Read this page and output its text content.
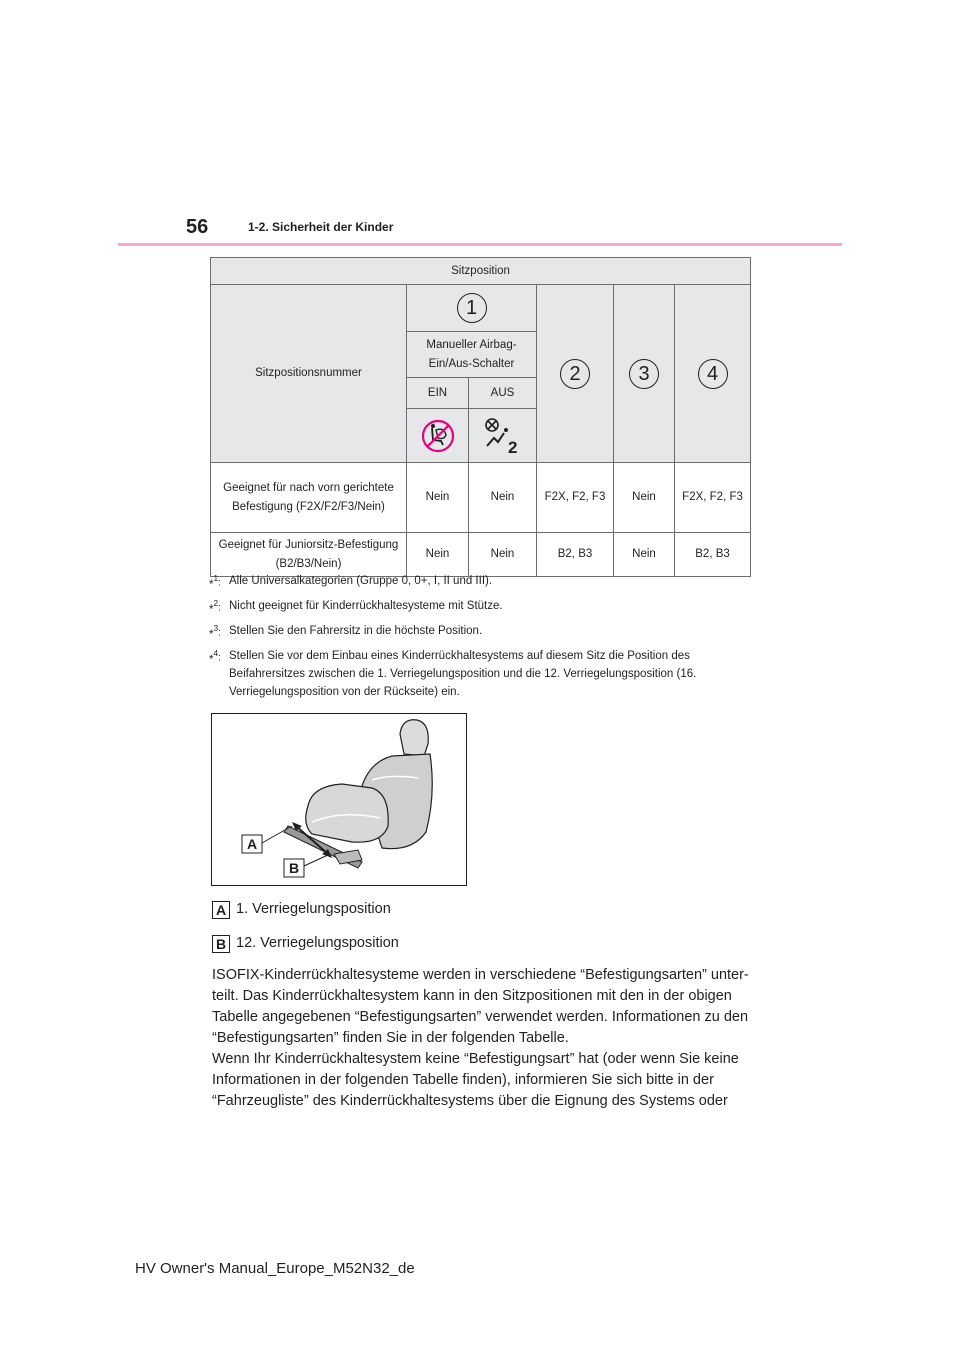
56	1-2. Sicherheit der Kinder
Sitzposition					
Sitzpositionsnummer	1		2	3	4
	Manueller Airbag-Ein/Aus-Schalter				
	EIN	AUS			

2			

Geeignet für nach vorn gerichtete Befestigung (F2X/F2/F3/Nein)	Nein	Nein	F2X, F2, F3	Nein	F2X, F2, F3
Geeignet für Juniorsitz-Befestigung (B2/B3/Nein)	Nein	Nein	B2, B3	Nein	B2, B3
*$^1$: Alle Universalkategorien (Gruppe 0, 0+, I, II und III).
*$^2$: Nicht geeignet für Kinderrückhaltesysteme mit Stütze.
*$^3$: Stellen Sie den Fahrersitz in die höchste Position.
*$^4$: Stellen Sie vor dem Einbau eines Kinderrückhaltesystems auf diesem Sitz die Position des Beifahrersitzes zwischen die 1. Verriegelungsposition und die 12. Verriegelungsposition (16. Verriegelungsposition von der Rückseite) ein.
A
B
A 1. Verriegelungsposition
B 12. Verriegelungsposition

ISOFIX-Kinderrückhaltesysteme werden in verschiedene “Befestigungsarten” unter-teilt. Das Kinderrückhaltesystem kann in den Sitzpositionen mit den in der obigen Tabelle angegebenen “Befestigungsarten” verwendet werden. Informationen zu den “Befestigungsarten” finden Sie in der folgenden Tabelle.

Wenn Ihr Kinderrückhaltesystem keine “Befestigungsart” hat (oder wenn Sie keine Informationen in der folgenden Tabelle finden), informieren Sie sich bitte in der “Fahrzeugliste” des Kinderrückhaltesystems über die Eignung des Systems oder

HV Owner's Manual_Europe_M52N32_de
